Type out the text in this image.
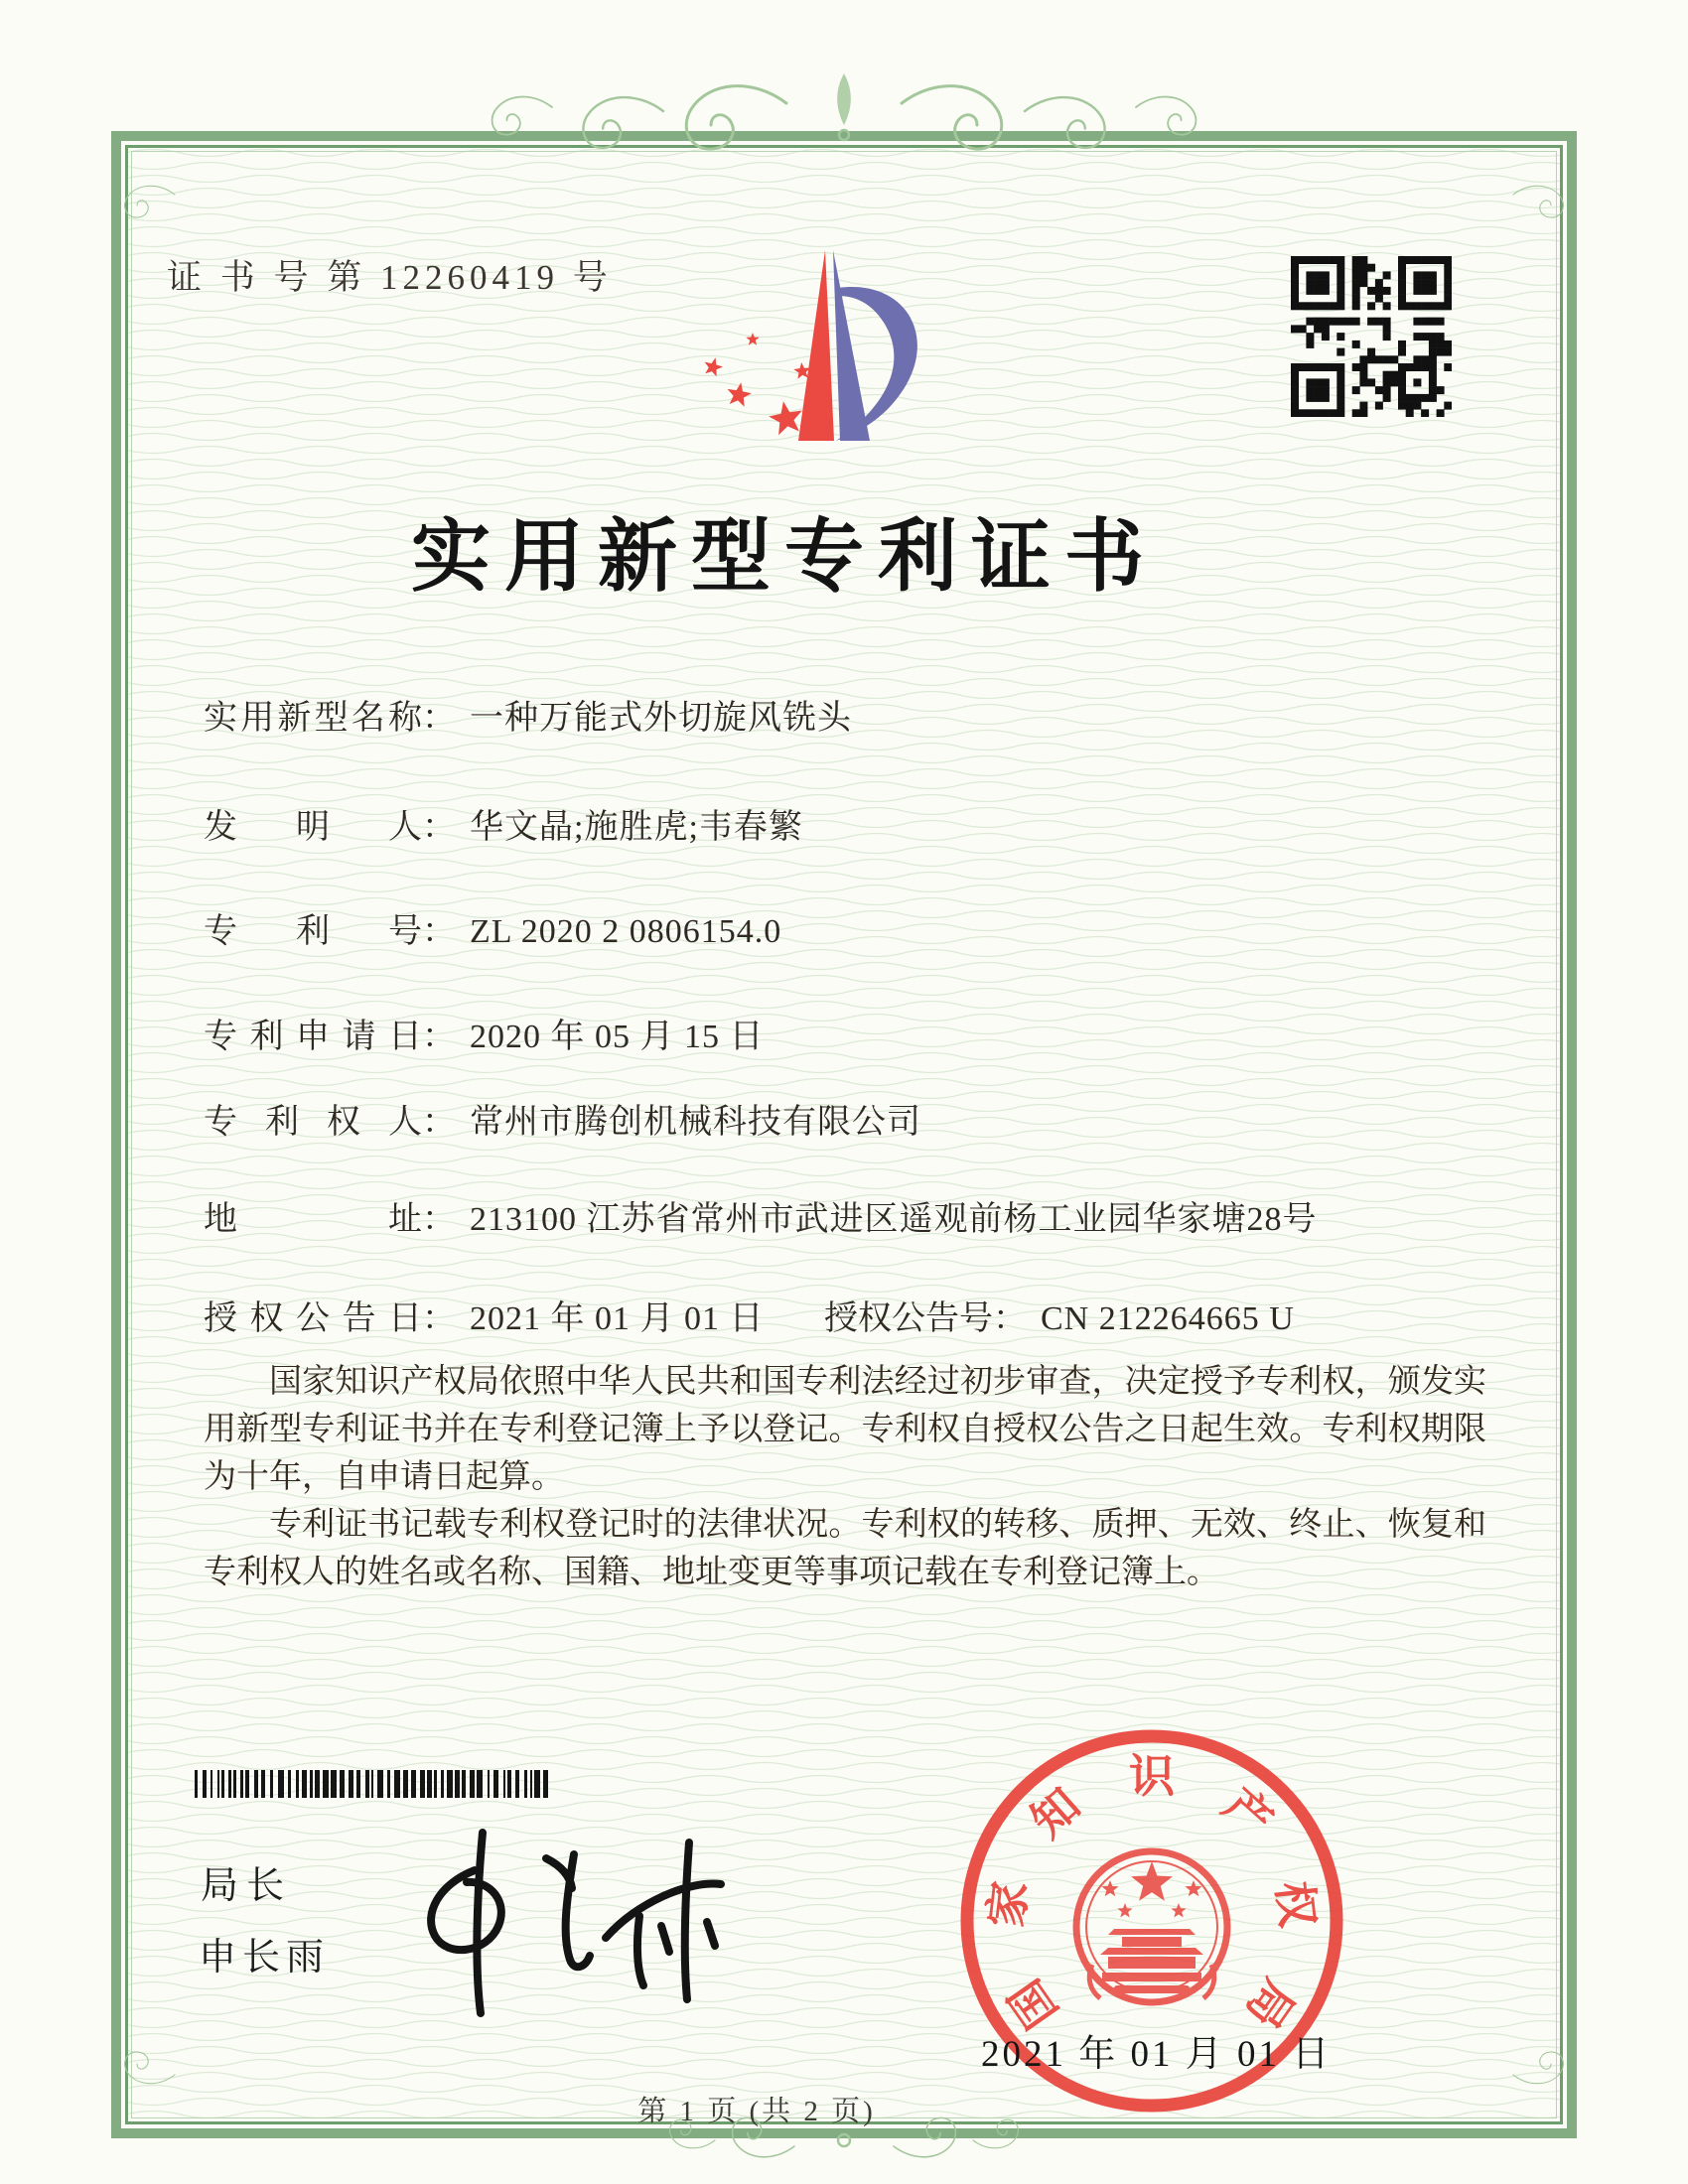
证 书 号 第 12260419 号
实用新型专利证书
实用新型名称： 一种万能式外切旋风铣头
发　明　人： 华文晶;施胜虎;韦春繁
专　利　号： ZL 2020 2 0806154.0
专利申请日： 2020 年 05 月 15 日
专 利 权 人： 常州市腾创机械科技有限公司
地　　　址： 213100 江苏省常州市武进区遥观前杨工业园华家塘28号
授权公告日： 2021 年 01 月 01 日 授权公告号： CN 212264665 U

国家知识产权局依照中华人民共和国专利法经过初步审查，决定授予专利权，颁发实用新型专利证书并在专利登记簿上予以登记。专利权自授权公告之日起生效。专利权期限为十年，自申请日起算。

专利证书记载专利权登记时的法律状况。专利权的转移、质押、无效、终止、恢复和专利权人的姓名或名称、国籍、地址变更等事项记载在专利登记簿上。

局长
申长雨
国
家
知
识
产
权
局
2021 年 01 月 01 日
第 1 页 (共 2 页)
